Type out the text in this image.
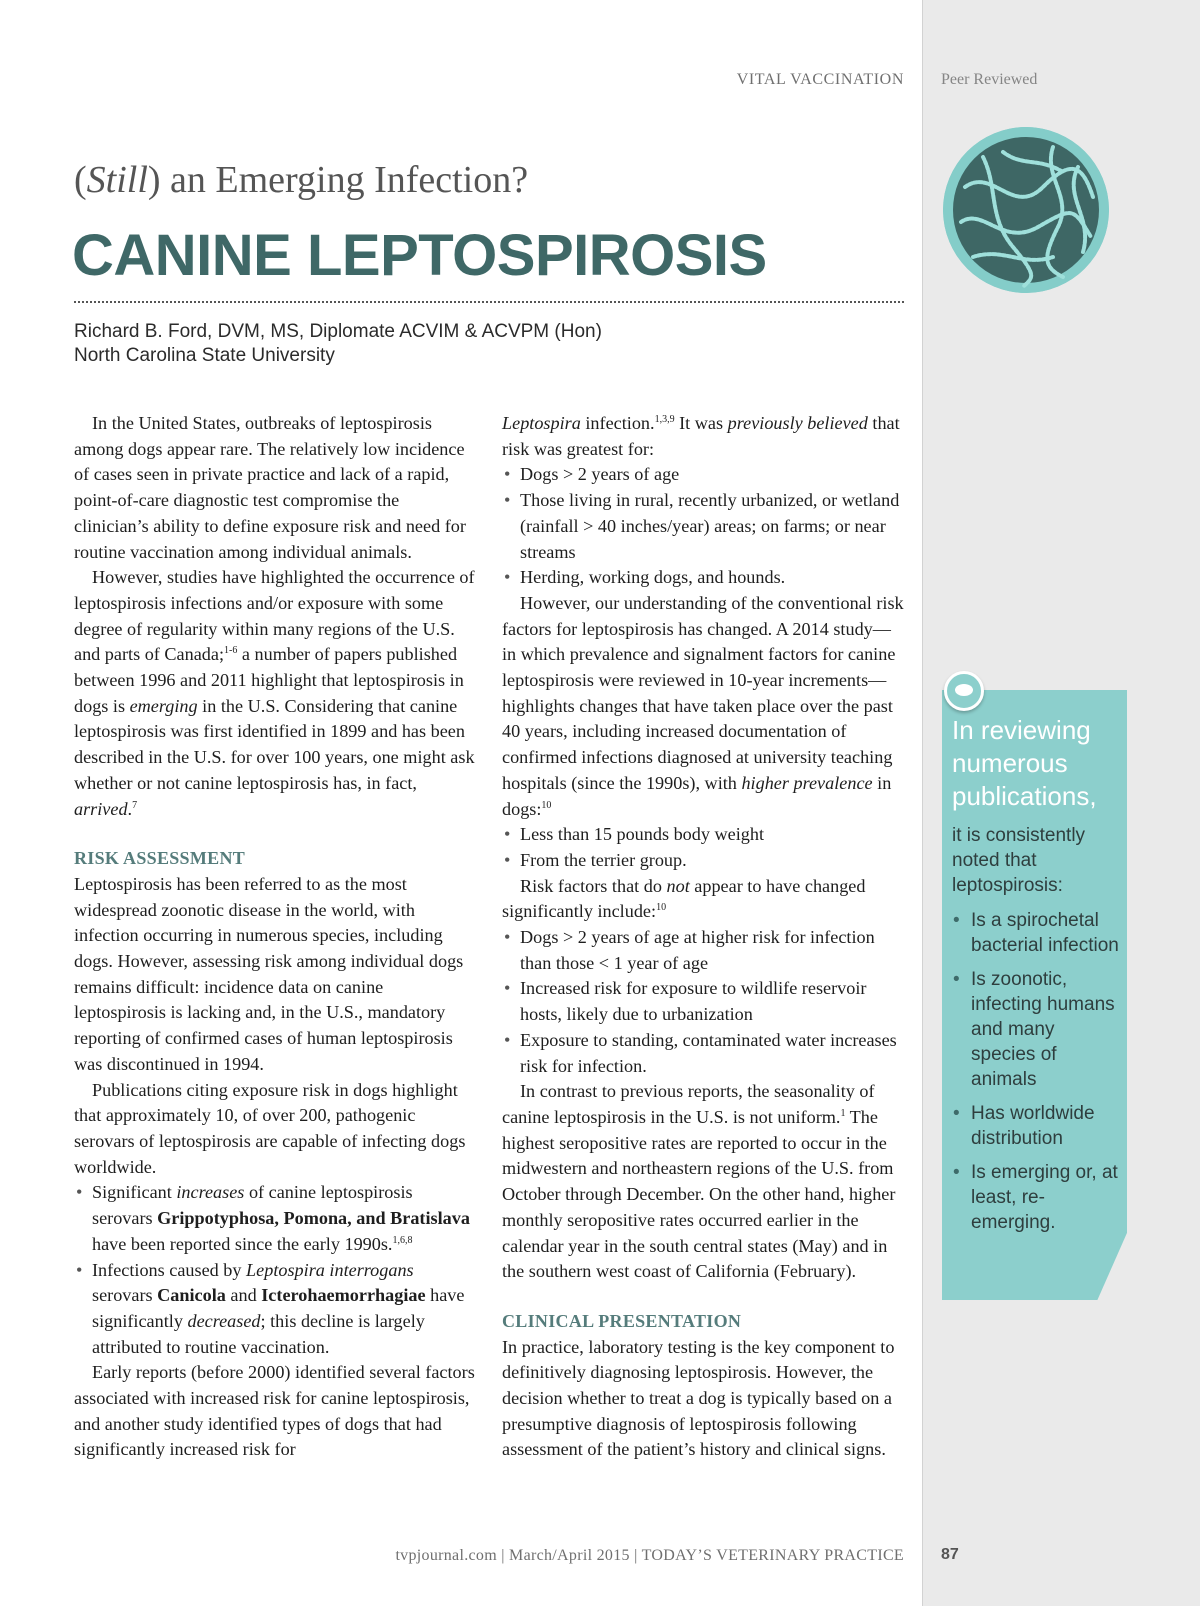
VITAL VACCINATION Peer Reviewed
(Still) an Emerging Infection?
CANINE LEPTOSPIROSIS
Richard B. Ford, DVM, MS, Diplomate ACVIM & ACVPM (Hon)
North Carolina State University

In the United States, outbreaks of leptospirosis among dogs appear rare. The relatively low incidence of cases seen in private practice and lack of a rapid, point-of-care diagnostic test compromise the clinician’s ability to define exposure risk and need for routine vaccination among individual animals.

However, studies have highlighted the occurrence of leptospirosis infections and/or exposure with some degree of regularity within many regions of the U.S. and parts of Canada;$^{1-6}$ a number of papers published between 1996 and 2011 highlight that leptospirosis in dogs is emerging in the U.S. Considering that canine leptospirosis was first identified in 1899 and has been described in the U.S. for over 100 years, one might ask whether or not canine leptospirosis has, in fact, arrived.$^7$

RISK ASSESSMENT

Leptospirosis has been referred to as the most widespread zoonotic disease in the world, with infection occurring in numerous species, including dogs. However, assessing risk among individual dogs remains difficult: incidence data on canine leptospirosis is lacking and, in the U.S., mandatory reporting of confirmed cases of human leptospirosis was discontinued in 1994.

Publications citing exposure risk in dogs highlight that approximately 10, of over 200, pathogenic serovars of leptospirosis are capable of infecting dogs worldwide.

• Significant increases of canine leptospirosis serovars Grippotyphosa, Pomona, and Bratislava have been reported since the early 1990s.$^{1,6,8}$

• Infections caused by Leptospira interrogans serovars Canicola and Icterohaemorrhagiae have significantly decreased; this decline is largely attributed to routine vaccination.

Early reports (before 2000) identified several factors associated with increased risk for canine leptospirosis, and another study identified types of dogs that had significantly increased risk for

Leptospira infection.$^{1,3,9}$ It was previously believed that risk was greatest for:

• Dogs > 2 years of age

• Those living in rural, recently urbanized, or wetland (rainfall > 40 inches/year) areas; on farms; or near streams

• Herding, working dogs, and hounds.

However, our understanding of the conventional risk factors for leptospirosis has changed. A 2014 study—in which prevalence and signalment factors for canine leptospirosis were reviewed in 10-year increments—highlights changes that have taken place over the past 40 years, including increased documentation of confirmed infections diagnosed at university teaching hospitals (since the 1990s), with higher prevalence in dogs:$^{10}$

• Less than 15 pounds body weight

• From the terrier group.

Risk factors that do not appear to have changed significantly include:$^{10}$

• Dogs > 2 years of age at higher risk for infection than those < 1 year of age

• Increased risk for exposure to wildlife reservoir hosts, likely due to urbanization

• Exposure to standing, contaminated water increases risk for infection.

In contrast to previous reports, the seasonality of canine leptospirosis in the U.S. is not uniform.$^1$ The highest seropositive rates are reported to occur in the midwestern and northeastern regions of the U.S. from October through December. On the other hand, higher monthly seropositive rates occurred earlier in the calendar year in the south central states (May) and in the southern west coast of California (February).

CLINICAL PRESENTATION

In practice, laboratory testing is the key component to definitively diagnosing leptospirosis. However, the decision whether to treat a dog is typically based on a presumptive diagnosis of leptospirosis following assessment of the patient’s history and clinical signs.

In reviewing numerous publications,
it is consistently noted that leptospirosis:
• Is a spirochetal bacterial infection
• Is zoonotic, infecting humans and many species of animals
• Has worldwide distribution
• Is emerging or, at least, re-emerging.
tvpjournal.com | March/April 2015 | TODAY’S VETERINARY PRACTICE 87
